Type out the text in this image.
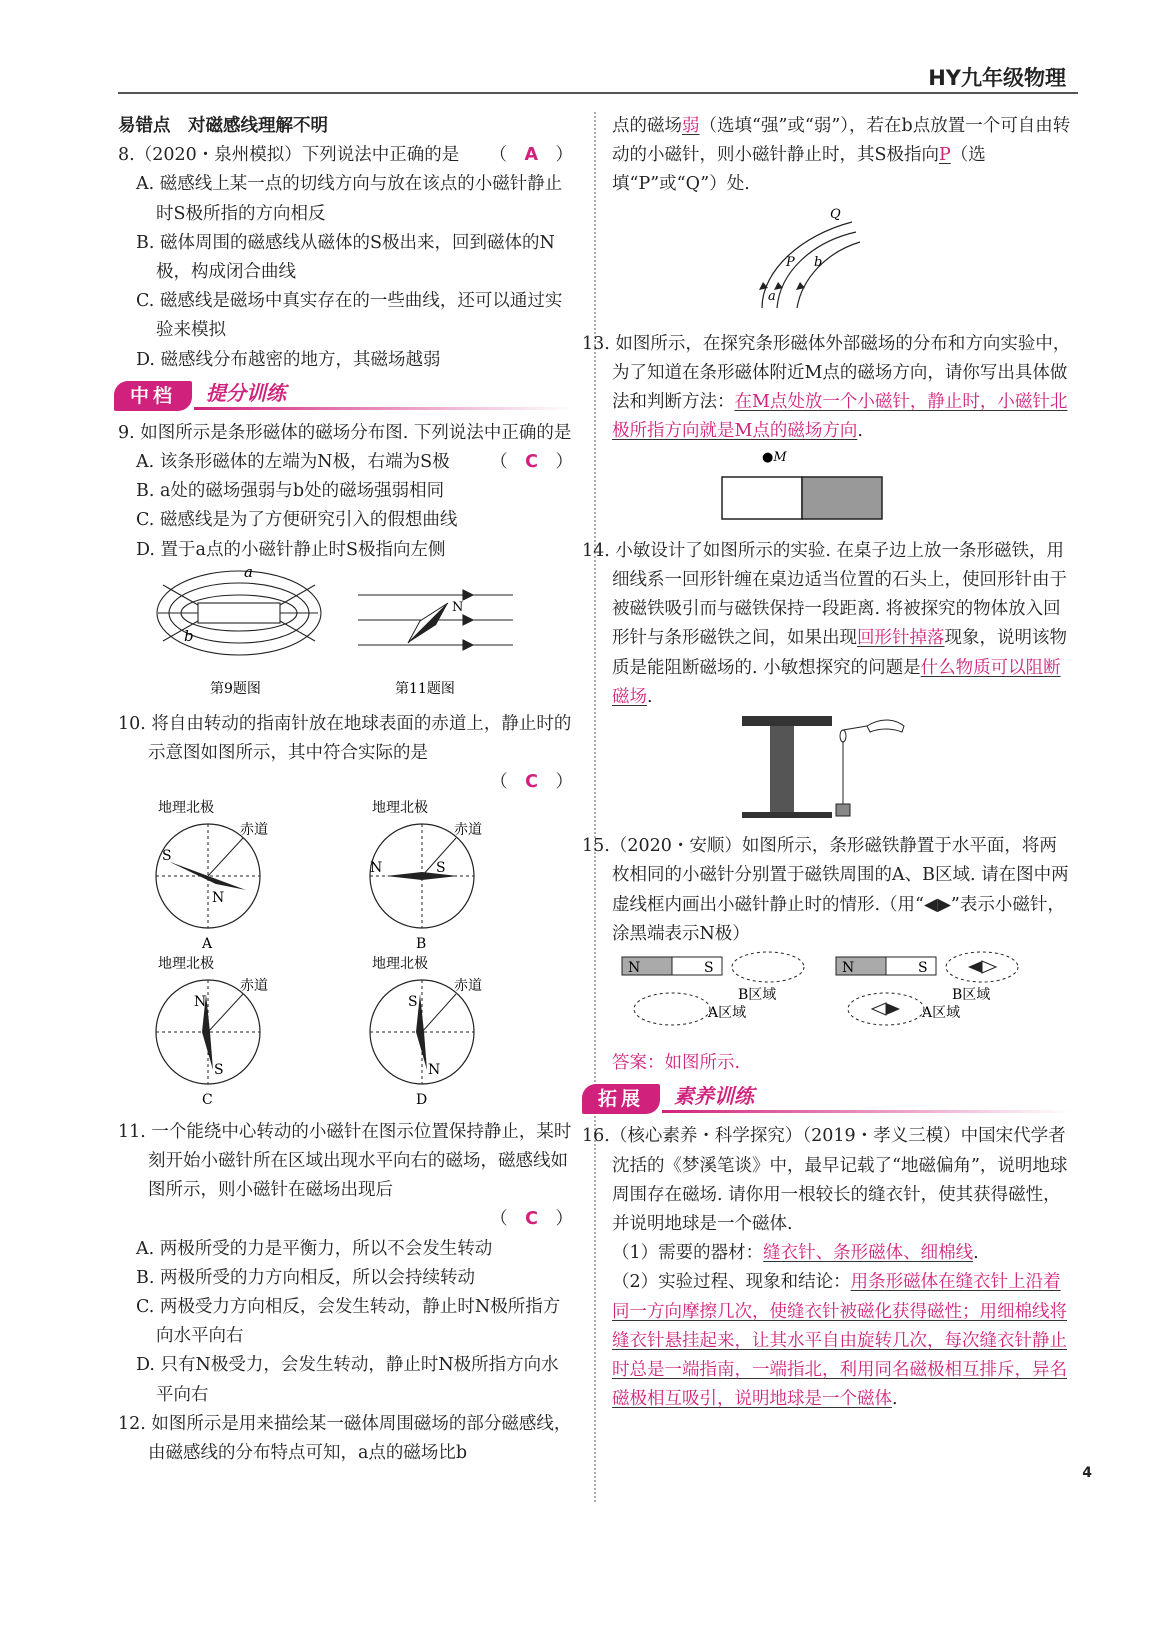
HY九年级物理

易错点　对磁感线理解不明

8.（2020・泉州模拟）下列说法中正确的是 （　A　）

A. 磁感线上某一点的切线方向与放在该点的小磁针静止时S极所指的方向相反

B. 磁体周围的磁感线从磁体的S极出来，回到磁体的N极，构成闭合曲线

C. 磁感线是磁场中真实存在的一些曲线，还可以通过实验来模拟

D. 磁感线分布越密的地方，其磁场越弱

中档	提分训练

9. 如图所示是条形磁体的磁场分布图. 下列说法中正确的是
（　C　）

A. 该条形磁体的左端为N极，右端为S极

B. a处的磁场强弱与b处的磁场强弱相同

C. 磁感线是为了方便研究引入的假想曲线

D. 置于a点的小磁针静止时S极指向左侧

a
b
N
第9题图	第11题图

10. 将自由转动的指南针放在地球表面的赤道上，静止时的示意图如图所示，其中符合实际的是

（　C　）

地理北极
赤道
S
N
A
地理北极
赤道
N	S
B
地理北极
赤道
N
S
C
地理北极
赤道
S
N
D

11. 一个能绕中心转动的小磁针在图示位置保持静止，某时刻开始小磁针所在区域出现水平向右的磁场，磁感线如图所示，则小磁针在磁场出现后

（　C　）

A. 两极所受的力是平衡力，所以不会发生转动

B. 两极所受的力方向相反，所以会持续转动

C. 两极受力方向相反，会发生转动，静止时N极所指方向水平向右

D. 只有N极受力，会发生转动，静止时N极所指方向水平向右

12. 如图所示是用来描绘某一磁体周围磁场的部分磁感线，由磁感线的分布特点可知，a点的磁场比b

点的磁场弱（选填“强”或“弱”），若在b点放置一个可自由转动的小磁针，则小磁针静止时，其S极指向P（选填“P”或“Q”）处.

Q
P b
a

13. 如图所示，在探究条形磁体外部磁场的分布和方向实验中，为了知道在条形磁体附近M点的磁场方向，请你写出具体做法和判断方法：在M点处放一个小磁针，静止时，小磁针北极所指方向就是M点的磁场方向.

●M

14. 小敏设计了如图所示的实验. 在桌子边上放一条形磁铁，用细线系一回形针缠在桌边适当位置的石头上，使回形针由于被磁铁吸引而与磁铁保持一段距离. 将被探究的物体放入回形针与条形磁铁之间，如果出现回形针掉落现象，说明该物质是能阻断磁场的. 小敏想探究的问题是什么物质可以阻断磁场.

15.（2020・安顺）如图所示，条形磁铁静置于水平面，将两枚相同的小磁针分别置于磁铁周围的A、B区域. 请在图中两虚线框内画出小磁针静止时的情形.（用“◀▶”表示小磁针，涂黑端表示N极）

N	S
B区域
A区域
N	S
B区域
A区域

答案：如图所示.

拓展	素养训练

16.（核心素养・科学探究）（2019・孝义三模）中国宋代学者沈括的《梦溪笔谈》中，最早记载了“地磁偏角”，说明地球周围存在磁场. 请你用一根较长的缝衣针，使其获得磁性，并说明地球是一个磁体.

（1）需要的器材：缝衣针、条形磁体、细棉线.

（2）实验过程、现象和结论：用条形磁体在缝衣针上沿着同一方向摩擦几次，使缝衣针被磁化获得磁性；用细棉线将缝衣针悬挂起来，让其水平自由旋转几次，每次缝衣针静止时总是一端指南，一端指北，利用同名磁极相互排斥，异名磁极相互吸引，说明地球是一个磁体.

4
